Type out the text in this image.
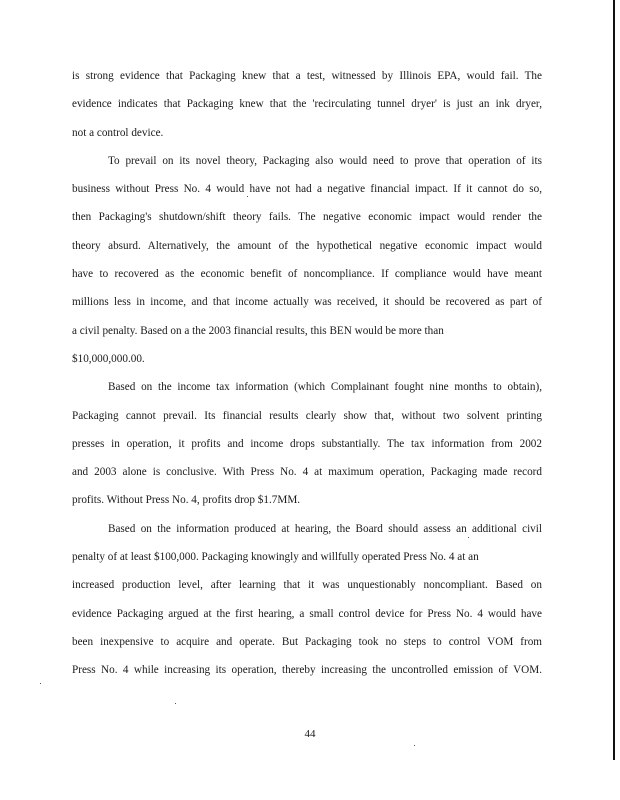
is strong evidence that Packaging knew that a test, witnessed by Illinois EPA, would fail. The
evidence indicates that Packaging knew that the 'recirculating tunnel dryer' is just an ink dryer,
not a control device.
To prevail on its novel theory, Packaging also would need to prove that operation of its
business without Press No. 4 would have not had a negative financial impact. If it cannot do so,
then Packaging's shutdown/shift theory fails. The negative economic impact would render the
theory absurd. Alternatively, the amount of the hypothetical negative economic impact would
have to recovered as the economic benefit of noncompliance. If compliance would have meant
millions less in income, and that income actually was received, it should be recovered as part of
a civil penalty. Based on a the 2003 financial results, this BEN would be more than
$10,000,000.00.
Based on the income tax information (which Complainant fought nine months to obtain),
Packaging cannot prevail. Its financial results clearly show that, without two solvent printing
presses in operation, it profits and income drops substantially. The tax information from 2002
and 2003 alone is conclusive. With Press No. 4 at maximum operation, Packaging made record
profits. Without Press No. 4, profits drop $1.7MM.
Based on the information produced at hearing, the Board should assess an additional civil
penalty of at least $100,000. Packaging knowingly and willfully operated Press No. 4 at an
increased production level, after learning that it was unquestionably noncompliant. Based on
evidence Packaging argued at the first hearing, a small control device for Press No. 4 would have
been inexpensive to acquire and operate. But Packaging took no steps to control VOM from
Press No. 4 while increasing its operation, thereby increasing the uncontrolled emission of VOM.
44
